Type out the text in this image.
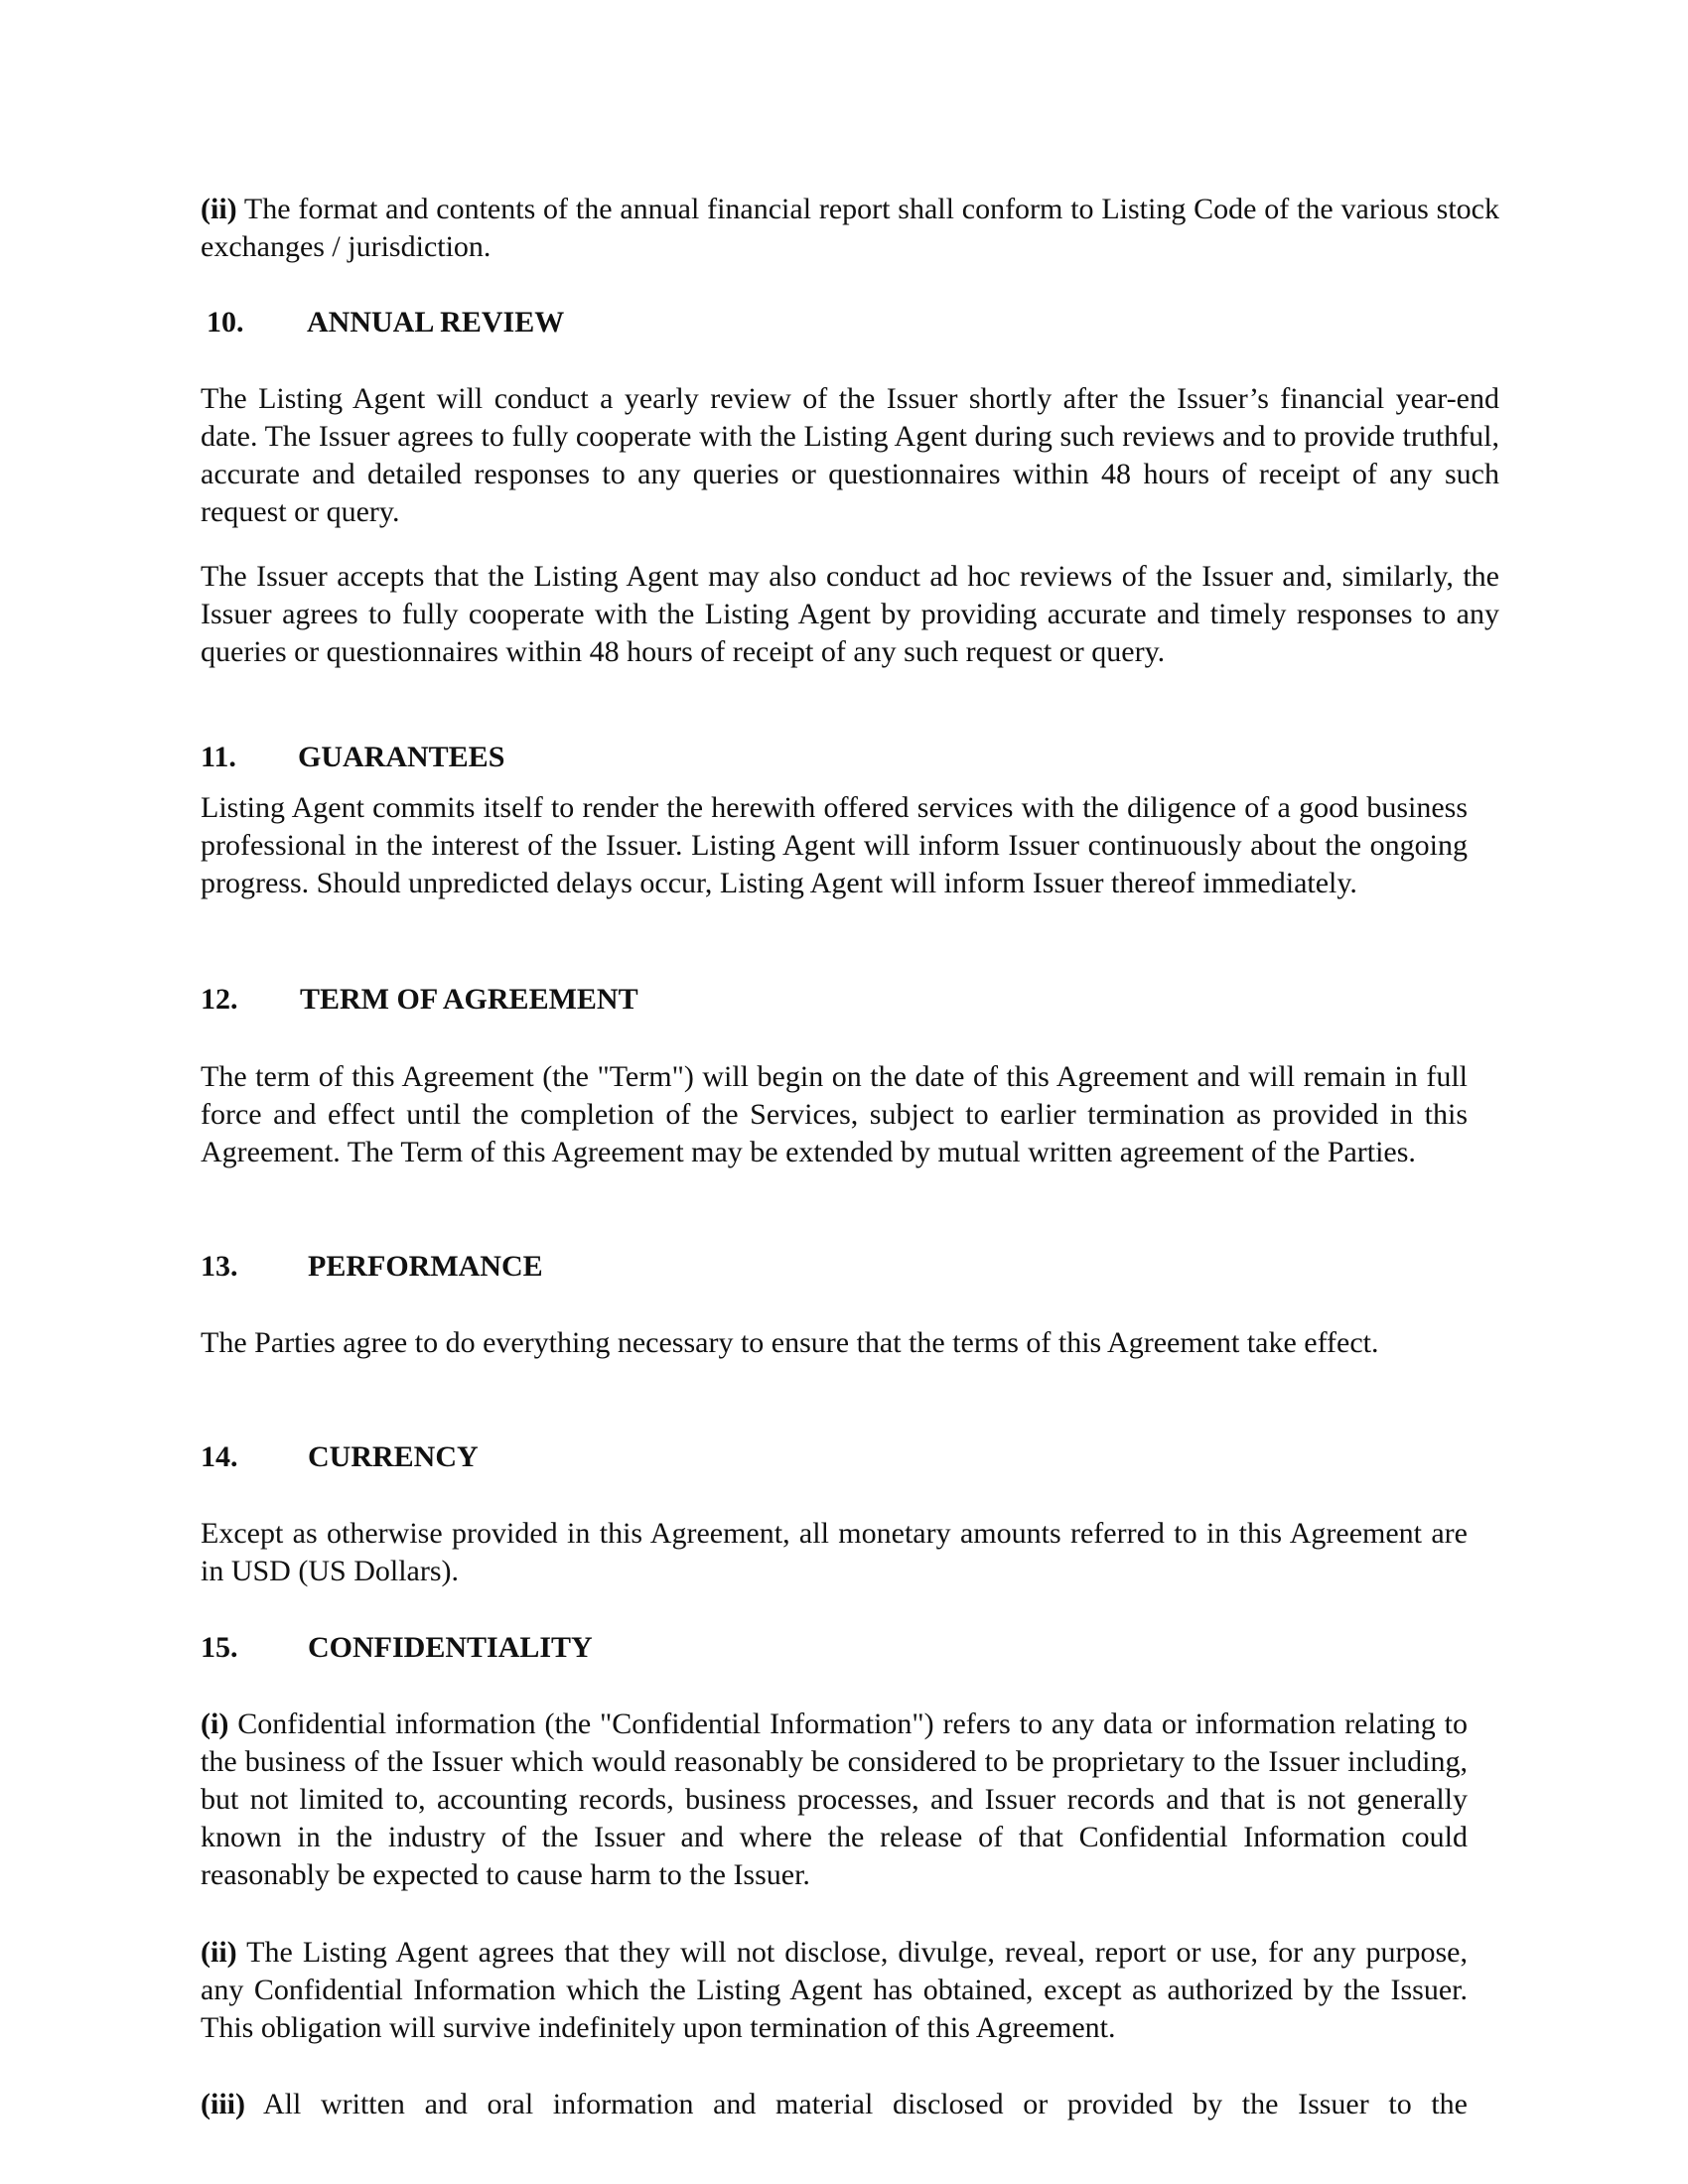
(ii) The format and contents of the annual financial report shall conform to Listing Code of the various stock exchanges / jurisdiction.

10. ANNUAL REVIEW

The Listing Agent will conduct a yearly review of the Issuer shortly after the Issuer’s financial year-end date. The Issuer agrees to fully cooperate with the Listing Agent during such reviews and to provide truthful, accurate and detailed responses to any queries or questionnaires within 48 hours of receipt of any such request or query.

The Issuer accepts that the Listing Agent may also conduct ad hoc reviews of the Issuer and, similarly, the Issuer agrees to fully cooperate with the Listing Agent by providing accurate and timely responses to any queries or questionnaires within 48 hours of receipt of any such request or query.

11. GUARANTEES

Listing Agent commits itself to render the herewith offered services with the diligence of a good business professional in the interest of the Issuer. Listing Agent will inform Issuer continuously about the ongoing progress. Should unpredicted delays occur, Listing Agent will inform Issuer thereof immediately.

12. TERM OF AGREEMENT

The term of this Agreement (the "Term") will begin on the date of this Agreement and will remain in full force and effect until the completion of the Services, subject to earlier termination as provided in this Agreement. The Term of this Agreement may be extended by mutual written agreement of the Parties.

13. PERFORMANCE

The Parties agree to do everything necessary to ensure that the terms of this Agreement take effect.

14. CURRENCY

Except as otherwise provided in this Agreement, all monetary amounts referred to in this Agreement are in USD (US Dollars).

15. CONFIDENTIALITY

(i) Confidential information (the "Confidential Information") refers to any data or information relating to the business of the Issuer which would reasonably be considered to be proprietary to the Issuer including, but not limited to, accounting records, business processes, and Issuer records and that is not generally known in the industry of the Issuer and where the release of that Confidential Information could reasonably be expected to cause harm to the Issuer.

(ii) The Listing Agent agrees that they will not disclose, divulge, reveal, report or use, for any purpose, any Confidential Information which the Listing Agent has obtained, except as authorized by the Issuer. This obligation will survive indefinitely upon termination of this Agreement.

(iii) All written and oral information and material disclosed or provided by the Issuer to the
